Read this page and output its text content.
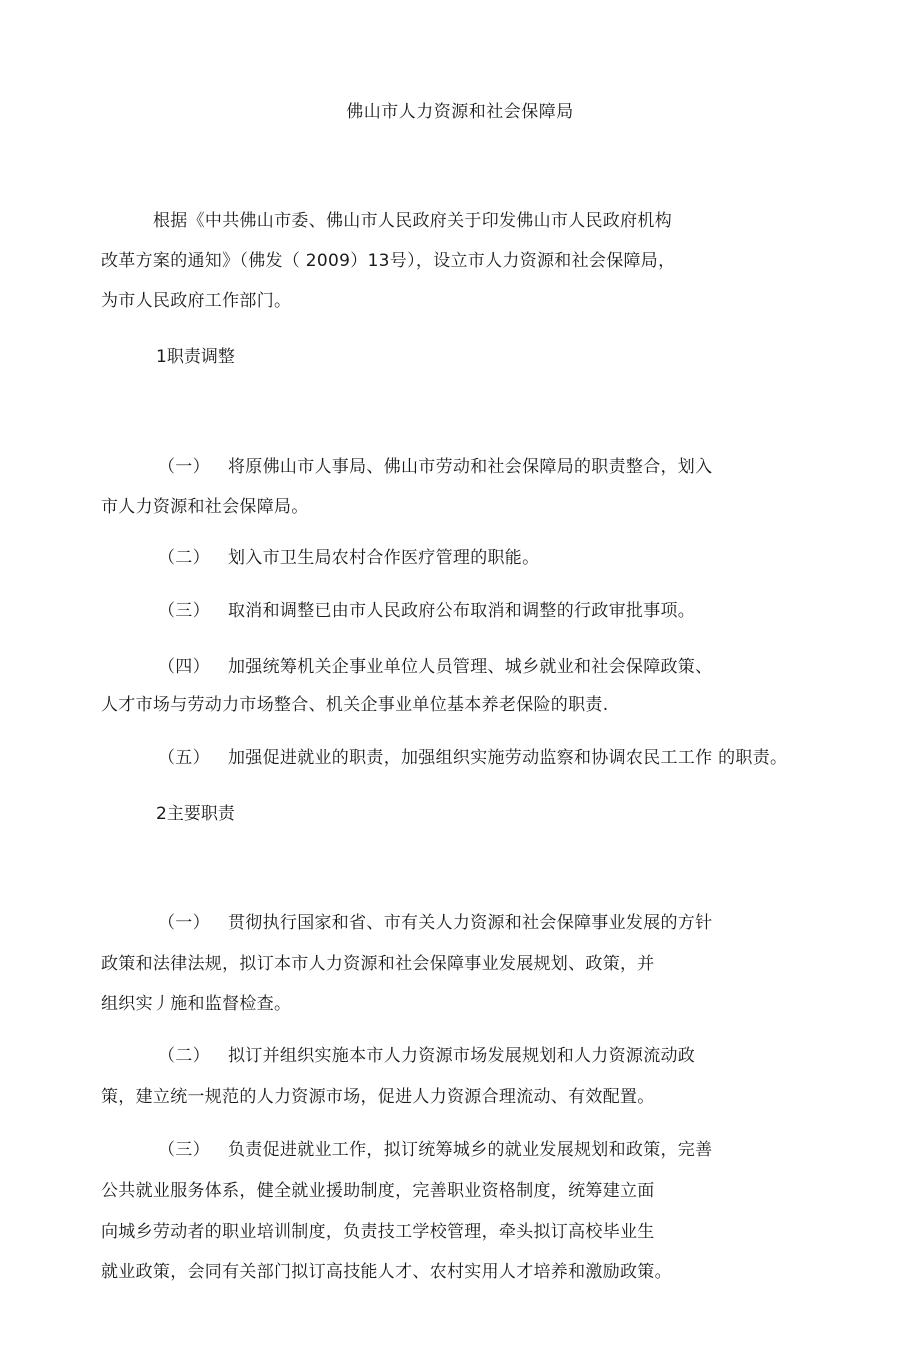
佛山市人力资源和社会保障局
根据《中共佛山市委、佛山市人民政府关于印发佛山市人民政府机构
改革方案的通知》（佛发（ 2009）13号），设立市人力资源和社会保障局，
为市人民政府工作部门。
1职责调整
（一） 将原佛山市人事局、佛山市劳动和社会保障局的职责整合，划入
市人力资源和社会保障局。
（二） 划入市卫生局农村合作医疗管理的职能。
（三） 取消和调整已由市人民政府公布取消和调整的行政审批事项。
（四） 加强统筹机关企事业单位人员管理、城乡就业和社会保障政策、
人才市场与劳动力市场整合、机关企事业单位基本养老保险的职责.
（五） 加强促进就业的职责，加强组织实施劳动监察和协调农民工工作 的职责。
2主要职责
（一） 贯彻执行国家和省、市有关人力资源和社会保障事业发展的方针
政策和法律法规，拟订本市人力资源和社会保障事业发展规划、政策，并
组织实丿施和监督检查。
（二） 拟订并组织实施本市人力资源市场发展规划和人力资源流动政
策，建立统一规范的人力资源市场，促进人力资源合理流动、有效配置。
（三） 负责促进就业工作，拟订统筹城乡的就业发展规划和政策，完善
公共就业服务体系，健全就业援助制度，完善职业资格制度，统筹建立面
向城乡劳动者的职业培训制度，负责技工学校管理，牵头拟订高校毕业生
就业政策，会同有关部门拟订高技能人才、农村实用人才培养和激励政策。
